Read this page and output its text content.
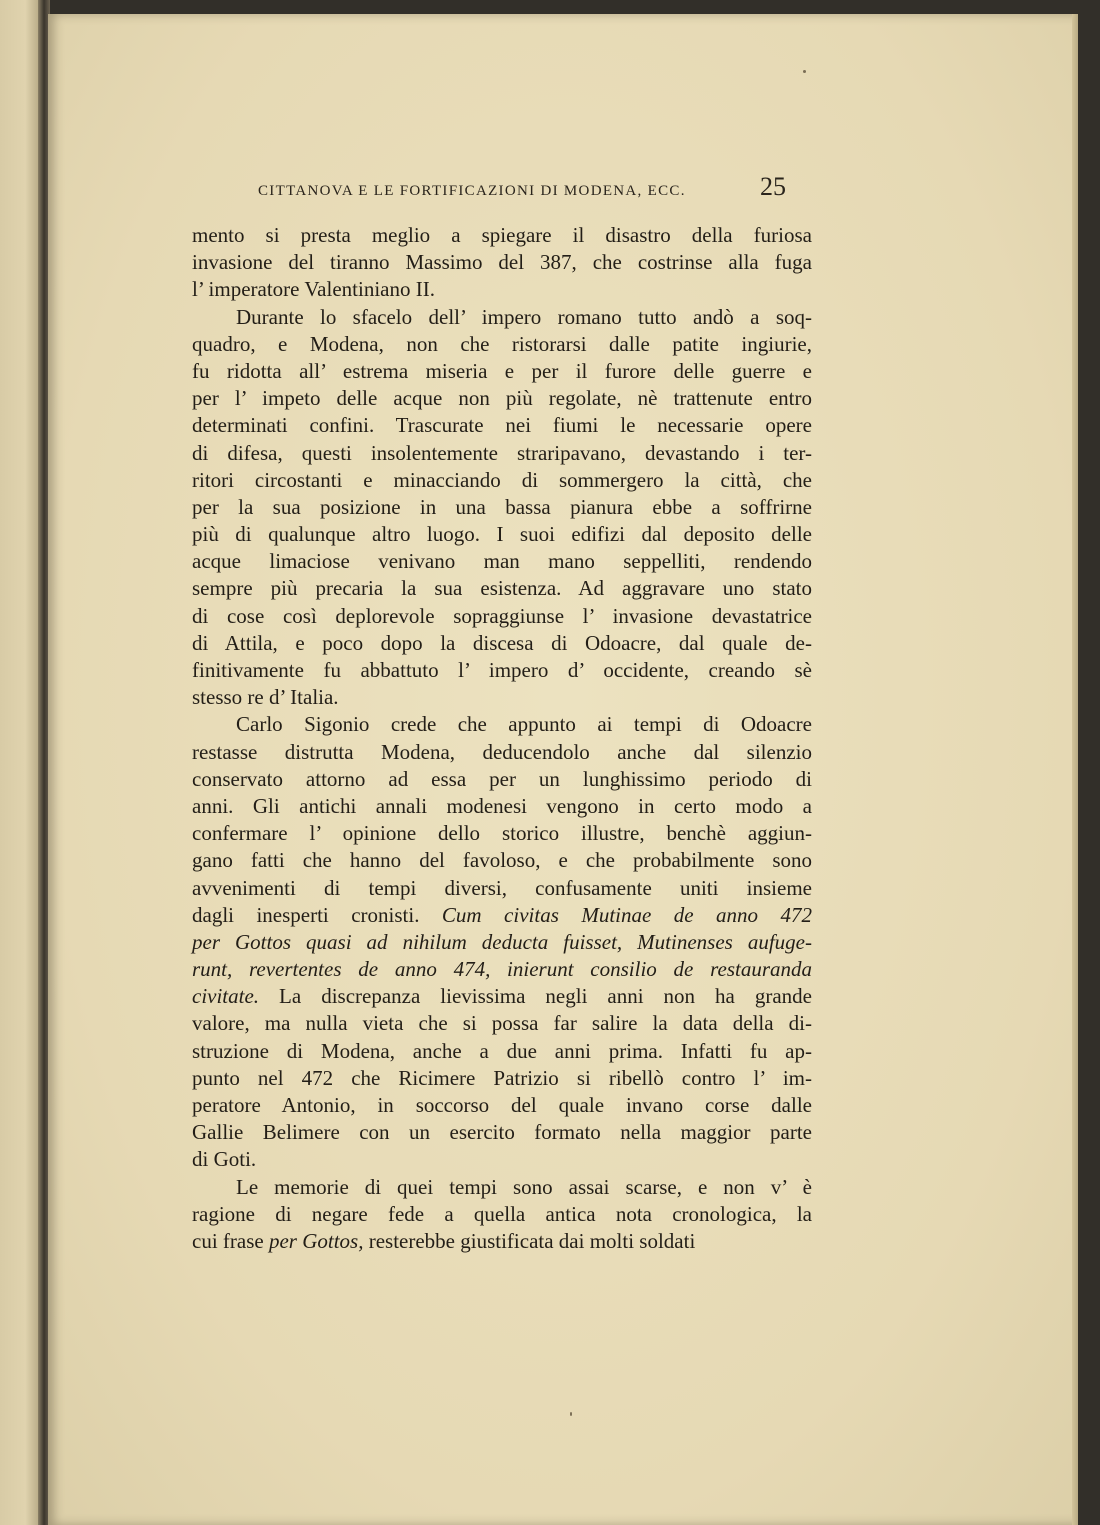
CITTANOVA E LE FORTIFICAZIONI DI MODENA, ECC.	25
mento si presta meglio a spiegare il disastro della furiosa
invasione del tiranno Massimo del 387, che costrinse alla fuga
l’ imperatore Valentiniano II.
Durante lo sfacelo dell’ impero romano tutto andò a soq-
quadro, e Modena, non che ristorarsi dalle patite ingiurie,
fu ridotta all’ estrema miseria e per il furore delle guerre e
per l’ impeto delle acque non più regolate, nè trattenute entro
determinati confini. Trascurate nei fiumi le necessarie opere
di difesa, questi insolentemente straripavano, devastando i ter-
ritori circostanti e minacciando di sommergero la città, che
per la sua posizione in una bassa pianura ebbe a soffrirne
più di qualunque altro luogo. I suoi edifizi dal deposito delle
acque limaciose venivano man mano seppelliti, rendendo
sempre più precaria la sua esistenza. Ad aggravare uno stato
di cose così deplorevole sopraggiunse l’ invasione devastatrice
di Attila, e poco dopo la discesa di Odoacre, dal quale de-
finitivamente fu abbattuto l’ impero d’ occidente, creando sè
stesso re d’ Italia.
Carlo Sigonio crede che appunto ai tempi di Odoacre
restasse distrutta Modena, deducendolo anche dal silenzio
conservato attorno ad essa per un lunghissimo periodo di
anni. Gli antichi annali modenesi vengono in certo modo a
confermare l’ opinione dello storico illustre, benchè aggiun-
gano fatti che hanno del favoloso, e che probabilmente sono
avvenimenti di tempi diversi, confusamente uniti insieme
dagli inesperti cronisti. Cum civitas Mutinae de anno 472
per Gottos quasi ad nihilum deducta fuisset, Mutinenses aufuge-
runt, revertentes de anno 474, inierunt consilio de restauranda
civitate. La discrepanza lievissima negli anni non ha grande
valore, ma nulla vieta che si possa far salire la data della di-
struzione di Modena, anche a due anni prima. Infatti fu ap-
punto nel 472 che Ricimere Patrizio si ribellò contro l’ im-
peratore Antonio, in soccorso del quale invano corse dalle
Gallie Belimere con un esercito formato nella maggior parte
di Goti.
Le memorie di quei tempi sono assai scarse, e non v’ è
ragione di negare fede a quella antica nota cronologica, la
cui frase per Gottos, resterebbe giustificata dai molti soldati
